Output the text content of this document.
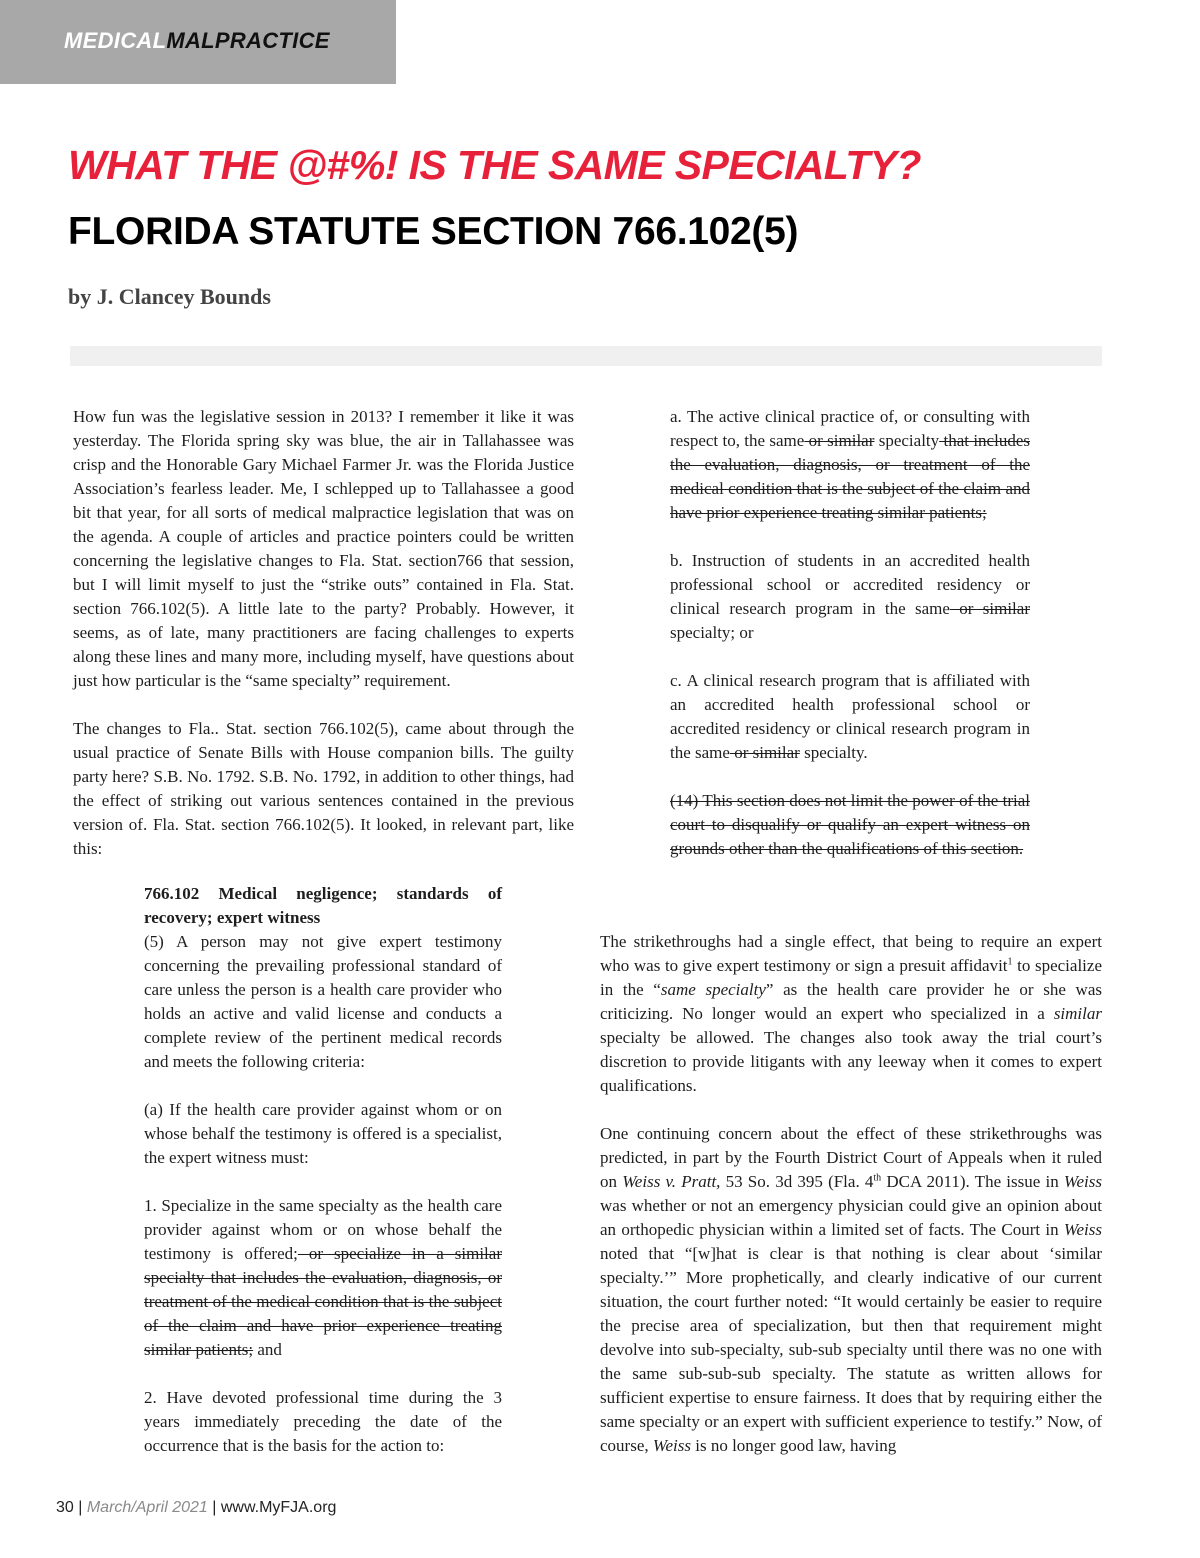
MEDICALMALPRACTICE
WHAT THE @#%! IS THE SAME SPECIALTY?
FLORIDA STATUTE SECTION 766.102(5)
by J. Clancey Bounds

How fun was the legislative session in 2013? I remember it like it was yesterday. The Florida spring sky was blue, the air in Tallahassee was crisp and the Honorable Gary Michael Farmer Jr. was the Florida Justice Association’s fearless leader. Me, I schlepped up to Tallahassee a good bit that year, for all sorts of medical malpractice legislation that was on the agenda. A couple of articles and practice pointers could be written concerning the legislative changes to Fla. Stat. section766 that session, but I will limit myself to just the “strike outs” contained in Fla. Stat. section 766.102(5). A little late to the party? Probably. However, it seems, as of late, many practitioners are facing challenges to experts along these lines and many more, including myself, have questions about just how particular is the “same specialty” requirement.

The changes to Fla.. Stat. section 766.102(5), came about through the usual practice of Senate Bills with House companion bills. The guilty party here? S.B. No. 1792. S.B. No. 1792, in addition to other things, had the effect of striking out various sentences contained in the previous version of. Fla. Stat. section 766.102(5). It looked, in relevant part, like this:

766.102 Medical negligence; standards of recovery; expert witness

(5) A person may not give expert testimony concerning the prevailing professional standard of care unless the person is a health care provider who holds an active and valid license and conducts a complete review of the pertinent medical records and meets the following criteria:

(a) If the health care provider against whom or on whose behalf the testimony is offered is a specialist, the expert witness must:

1. Specialize in the same specialty as the health care provider against whom or on whose behalf the testimony is offered; or specialize in a similar specialty that includes the evaluation, diagnosis, or treatment of the medical condition that is the subject of the claim and have prior experience treating similar patients; and

2. Have devoted professional time during the 3 years immediately preceding the date of the occurrence that is the basis for the action to:

a. The active clinical practice of, or consulting with respect to, the same or similar specialty that includes the evaluation, diagnosis, or treatment of the medical condition that is the subject of the claim and have prior experience treating similar patients;

b. Instruction of students in an accredited health professional school or accredited residency or clinical research program in the same or similar specialty; or

c. A clinical research program that is affiliated with an accredited health professional school or accredited residency or clinical research program in the same or similar specialty.

(14) This section does not limit the power of the trial court to disqualify or qualify an expert witness on grounds other than the qualifications of this section.

The strikethroughs had a single effect, that being to require an expert who was to give expert testimony or sign a presuit affidavit$^1$ to specialize in the “same specialty” as the health care provider he or she was criticizing. No longer would an expert who specialized in a similar specialty be allowed. The changes also took away the trial court’s discretion to provide litigants with any leeway when it comes to expert qualifications.

One continuing concern about the effect of these strikethroughs was predicted, in part by the Fourth District Court of Appeals when it ruled on Weiss v. Pratt, 53 So. 3d 395 (Fla. 4th DCA 2011). The issue in Weiss was whether or not an emergency physician could give an opinion about an orthopedic physician within a limited set of facts. The Court in Weiss noted that “[w]hat is clear is that nothing is clear about ‘similar specialty.’” More prophetically, and clearly indicative of our current situation, the court further noted: “It would certainly be easier to require the precise area of specialization, but then that requirement might devolve into sub-specialty, sub-sub specialty until there was no one with the same sub-sub-sub specialty. The statute as written allows for sufficient expertise to ensure fairness. It does that by requiring either the same specialty or an expert with sufficient experience to testify.” Now, of course, Weiss is no longer good law, having

30 | March/April 2021 | www.MyFJA.org
